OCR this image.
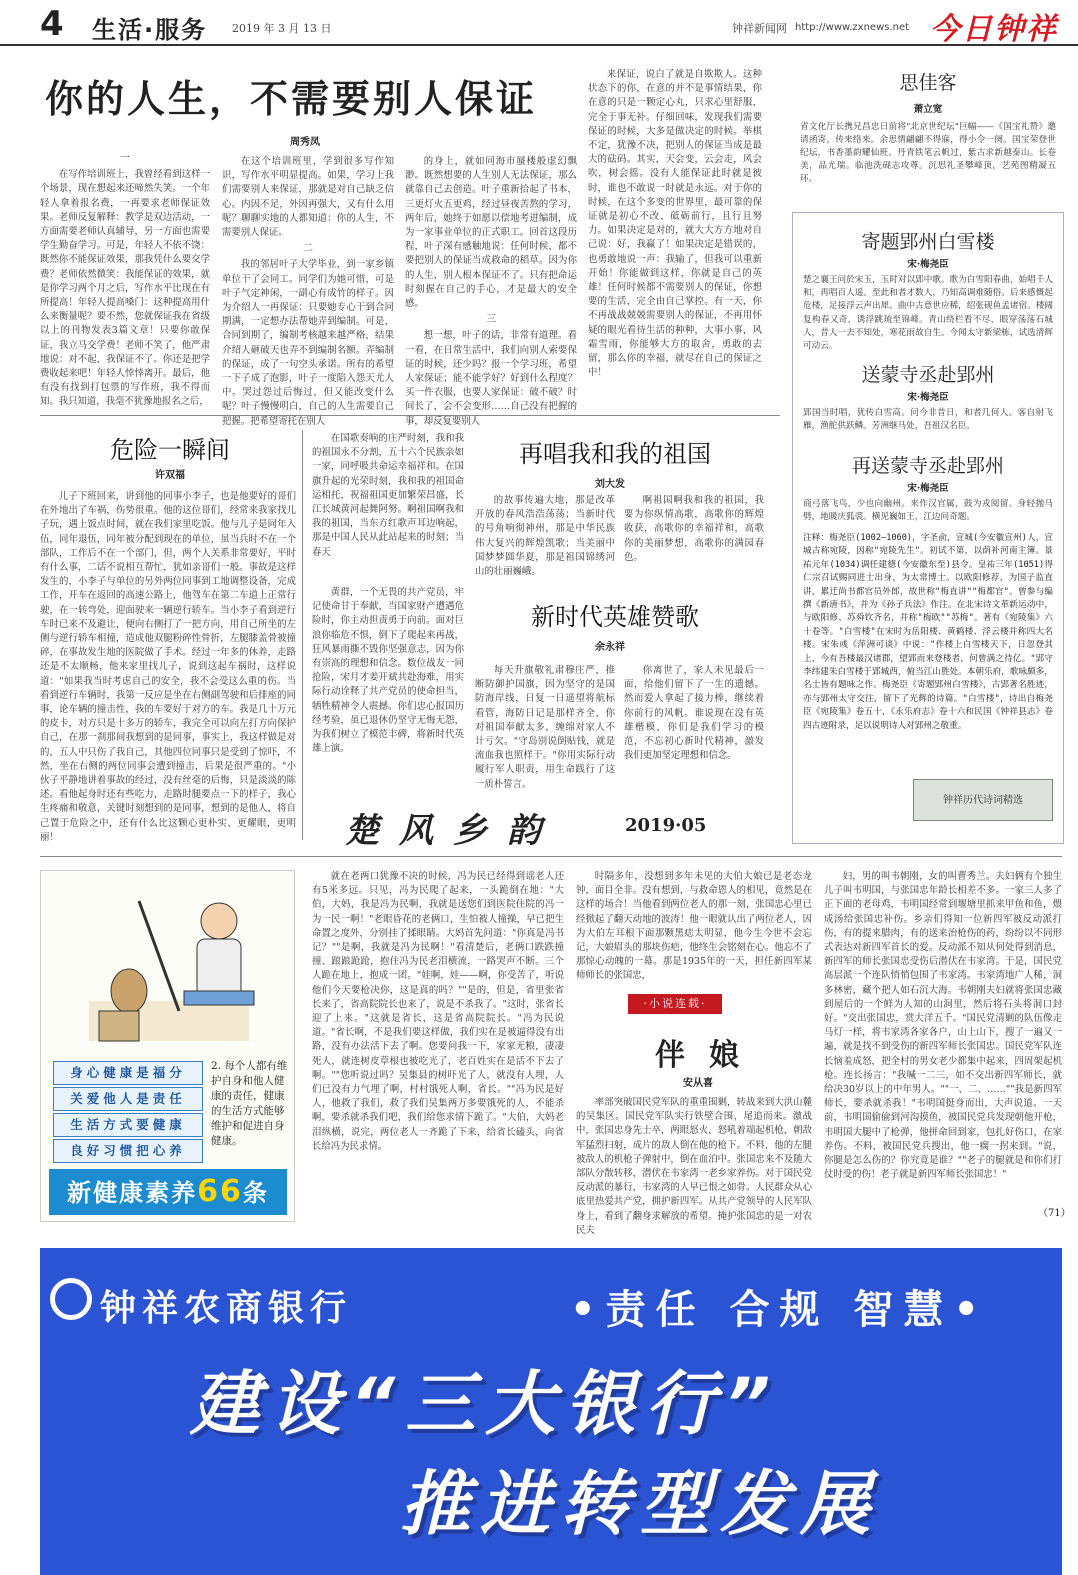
4 生活·服务 2019 年 3 月 13 日	钟祥新闻网 http://www.zxnews.net 今日钟祥
你的人生，不需要别人保证
周秀凤
一

在写作培训班上，我曾经看到这样一个场景，现在想起来还啼然失笑。一个年轻人拿着报名费，一再要求老师保证效果。老师反复解释：教学是双边活动，一方面需要老师认真辅导，另一方面也需要学生勤奋学习。可是，年轻人不依不饶：既然你不能保证效果，那我凭什么要交学费？老师依然微笑：我能保证的效果，就是你学习两个月之后，写作水平比现在有所提高！年轻人提高嗓门：这种提高用什么来衡量呢？要不然，您就保证我在省级以上的刊物发表3篇文章！只要你敢保证，我立马交学费！老师不笑了，他严肃地说：对不起，我保证不了。你还是把学费收起来吧！年轻人悻悻离开。最后，他有没有找到打包票的写作班，我不得而知。我只知道，我毫不犹豫地报名之后，

在这个培训班里，学到很多写作知识，写作水平明显提高。如果，学习上我们需要别人来保证，那就是对自己缺乏信心。内因不足，外因再强大，又有什么用呢？聊聊实地的人都知道：你的人生，不需要别人保证。

二

我的邻居叶子大学毕业，到一家乡镇单位干了会同工。同学们为她可惜，可是叶子气定神闲，一副心有成竹的样子。因为介绍人一再保证：只要她专心干到合同期满，一定想办法帮她弄到编制。可是，合同到期了，编制考核越来越严格，结果介绍人砸破天也弄不到编制名额。弄编制的保证，成了一句空头承诺。所有的希望一下子成了泡影，叶子一度陷入怨天尤人中。哭过怨过后悔过，但又能改变什么呢？叶子慢慢明白，自己的人生需要自己把握。把希望寄托在别人

的身上，就如同海市蜃楼般虚幻飘渺。既然想要的人生别人无法保证，那么就靠自己去创造。叶子重新拾起了书本，三更灯火五更鸡，经过昼夜苦熬的学习，两年后，她终于如愿以偿地考进编制，成为一家事业单位的正式职工。回首这段历程，叶子深有感触地说：任何时候，都不要把别人的保证当成救命的稻草。因为你的人生，别人根本保证不了。只有把命运时刻握在自己的手心，才是最大的安全感。

三

想一想，叶子的话，非常有道理。看一看，在日常生活中，我们向别人索要保证的时候，还少吗？报一个学习班，希望人家保证；能不能学好？好到什么程度？买一件衣服，也要人家保证：破不破？时间长了，会不会变形……自己没有把握的事，却反复要别人

来保证，说白了就是自欺欺人。这种状态下的你，在意的并不是事情结果，你在意的只是一颗定心丸，只求心里舒服，完全于事无补。仔细回味，发现我们需要保证的时候，大多是做决定的时候。举棋不定，犹豫不决，把别人的保证当成是最大的砝码。其实，天会变，云会走，风会吹，树会摇。没有人能保证此时就是彼时，谁也不敢说一时就是永远。对于你的时候，在这个多变的世界里，最可靠的保证就是初心不改、砥砺前行，且行且努力。如果决定是对的，就大大方方地对自己说：好，我赢了！如果决定是错误的，也勇敢地说一声：我输了，但我可以重新开始！你能做到这样，你就是自己的英雄！任何时候都不需要别人的保证，你想要的生活，完全由自己掌控。有一天，你不再战战兢兢需要别人的保证，不再用怀疑的眼光看待生活的种种，大事小事，风霜雪雨，你能够大方的取舍，勇敢的去留，那么你的幸福，就尽在自己的保证之中！

思佳客
萧立宽
省文化厅长携兄昌忠日前将"北京世纪坛"巨幅——《国宝礼赞》邀请函寄，传来络来。余思情翩翩不得寐，得小令一阕。国宝荣登世纪坛，书香墨韵耀仙班。丹青铁笔云帆过，紫古求新越泰山。长卷美，品尤瑞。临池洗砚志攻尊。沉思礼圣攀峰顶，艺苑图精凝五环。
寄题郢州白雪楼
宋·梅尧臣
楚之襄王问於宋玉，玉时对以郢中歌。歌为白雪阳春曲，始唱千人和，再唱百人遥。至此和者才数人，乃知高调难随俗。后来感慨起危楼，足接浮云声出犀。曲中古意世应稀，绍张砚鱼孟诸宿。楼阔复构春又奇，诱浮跳琉至锦峰。青山绕栏看不尽，眼穿荡荡石城人，昔人一去不知处，寒花雨故自生。今闻太守新梁栋，试选清辉可动云。
送蒙寺丞赴郢州
宋·梅尧臣
郢国当时唱，犹传白雪高。问今非昔日，和者几何人。客自射飞雁，渔舵供跃鳞。芳洲继马处，吾祖汉名臣。
再送蒙寺丞赴郢州
宋·梅尧臣
商弓落飞鸟，少也向幽州。来作汉官属，鼓为戎阅留。身轻抛马劈，地暖庆狐裘。横见巍如王，江边问奇题。
注释：梅尧臣(1002—1060)，字圣俞，宣城(今安徽宣州)人，宣城古称宛陵，因称"宛陵先生"。初试不第，以荫补河南主簿。景祐元年(1034)调任建德(今安徽东至)县令。皇祐三年(1051)得仁宗召试赐同进士出身，为太常博士。以欧阳修荐，为国子监直讲，累迁尚书都官员外郎，故世称"梅直讲""梅都官"。曾参与编撰《新唐书》，并为《孙子兵法》作注。在北宋诗文革新运动中，与欧阳修、苏舜钦齐名，并称"梅欧""苏梅"。著有《宛陵集》六十卷等。"白雪楼"在宋时为岳阳楼、黄鹤楼、浮云楼并称四大名楼。宋朱彧《萍洲可谈》中说："作楼上白雪楼天下，日忽登其上，今有吾楼最汉诸郡，望郢而来登楼者，何曾满之待亿。"郢守李纬建朱白雪楼于郢城西，俯当江山胜处。本朝乐府，歌咏颇多，名士皆有题咏之作。梅尧臣《寄题郢州白雪楼》，古郢著名胜迹，亦与郢州太守交往，留下了光辉的诗篇。"白雪楼"，诗出自梅尧臣《宛陵集》卷五十，《永乐府志》卷十六和民国《钟祥县志》卷四古迹附录，足以说明诗人对郢州之敬重。
钟祥历代诗词精选
危险一瞬间
许双福

儿子下班回来，讲到他的同事小李子，也是他要好的哥们在外地出了车祸，伤势很重。他的这位哥们，经常来我家找儿子玩，遇上饭点时间，就在我们家里吃饭。他与儿子是同年入伍，同年退伍，同年被分配到现在的单位，虽当兵时不在一个部队，工作后不在一个部门，但，两个人关系非常要好，平时有什么事，二话不说相互帮忙，犹如亲哥们一般。事故是这样发生的，小李子与单位的另外两位同事到工地调整设备，完成工作，开车在返回的高速公路上，他驾车在第二车道上正常行驶，在一转弯处，迎面驶来一辆逆行轿车。当小李子看到逆行车时已来不及避让，便向右侧打了一把方向，用自己所坐的左侧与逆行轿车相撞，造成他双腿粉碎性骨折，左腿膝盖骨被撞碎，在事故发生地的医院做了手术。经过一年多的休养，走路还是不太顺畅，他来家里找儿子，说到这起车祸时，这样说道："如果我当时考虑自己的安全，我不会受这么重的伤。当看到逆行车辆时，我第一反应是坐在右侧副驾驶和后排座的同事，论车辆的撞击性，我的车要好于对方的车。我是几十万元的皮卡，对方只是十多万的轿车，我完全可以向左打方向保护自己，在那一刹那间我想到的是同事，事实上，我这样做是对的，五人中只伤了我自己，其他四位同事只是受到了惊吓，不然，坐在右侧的两位同事会遭到撞击，后果是很严重的。"小伙子平静地讲着事故的经过，没有丝毫的后悔，只是淡淡的陈述。看他起身时还有些吃力，走路时腿要点一下的样子，我心生疼痛和敬意，关键时刻想到的是同事，想到的是他人，将自己置于危险之中，还有什么比这颗心更朴实、更耀眼，更明丽！

在国歌奏响的庄严时刻，我和我的祖国永不分割，五十六个民族亲如一家，同呼吸共命运幸福祥和。在国旗升起的光荣时刻，我和我的祖国命运相托，祝福祖国更加繁荣昌盛，长江长城黄河起舞阿努。啊祖国啊我和我的祖国，当东方红歌声耳边响起，那是中国人民从此站起来的时刻；当春天

再唱我和我的祖国
刘大发

的故事传遍大地，那是改革开放的春风浩浩荡荡；当新时代的号角响彻神州，那是中华民族伟大复兴的辉煌凯歌；当美丽中国梦梦圆华夏，那是祖国锦绣河山的壮丽巍峨。

啊祖国啊我和我的祖国，我要为你纵情高歌，高歌你的辉煌收获，高歌你的幸福祥和，高歌你的美丽梦想，高歌你的满园春色。

黄群，一个无畏的共产党员，牢记使命甘于奉献，当国家财产遭遇危险时，你主动担责勇于向前。面对巨浪你临危不惧，倒下了爬起来再战，狂风暴雨撕不毁你坚强意志，因为你有崇高的理想和信念。数位战友一同抢险，宋月才姜开斌共赴海难，用实际行动诠释了共产党员的使命担当，牺牲精神令人震撼。你们忠心报国历经考验，虽已退休仍坚守无悔无怨，为我们树立了模范丰碑，将新时代英雄上演。

新时代英雄赞歌
余永祥

每天升旗敬礼肃穆庄严，推断防御护国旗，因为坚守的是国防海岸线，日复一日遥望将航标看管，海防日记是那样齐全，你对祖国奉献太多，缠绵对家人不计亏欠。"守岛别说倒贴钱，就是流血我也照样干。"你用实际行动履行军人职责，用生命践行了这一质朴誓言。

你离世了，家人未见最后一面，给他们留下了一生的遗憾。然而爱人拿起了接力棒，继续着你前行的风帆。谁说现在没有英雄楷模，你们是我们学习的模范，不忘初心新时代精神，激发我们更加坚定理想和信念。

楚风乡韵	2019·05
身心健康是福分
关爱他人是责任
生活方式要健康
良好习惯把心养
2. 每个人都有维护自身和他人健康的责任，健康的生活方式能够维护和促进自身健康。
新健康素养66条

就在老两口犹豫不决的时候，冯为民已经得到谣老人还有5米多远。只见，冯为民爬了起来，一头跪倒在地："大伯，大妈，我是冯为民啊，我就是送您们到医院住院的冯一为一民一啊！"老眼昏花的老俩口，生怕被人撞操，早已把生命置之度外，分别挂了揉眼睛。大妈首先问道："你真是冯书记？""是啊，我就是冯为民啊！"看清楚后，老俩口跌跌撞撞、踉踉跄跄，抱住冯为民老泪横流，一路哭声不断。三个人跪在地上，抱成一团。"娃啊，娃——啊，你受苦了，听说他们今天要枪决你，这是真的吗？""是的，但是，省里张省长来了，省高院院长也来了，说是不杀我了。"这时，张省长迎了上来。"这就是省长，这是省高院院长。"冯为民说道。"省长啊，不是我们要这样做，我们实在是被逼得没有出路，没有办法活下去了啊。您要问我一下，家家无粮，凄凄死人，就连树皮草根也被吃光了，老百姓实在是活不下去了啊。""您听说过吗？吴集县的树吓光了人，就没有人埋，人们已没有力气埋了啊，村村饿死人啊，省长。""冯为民是好人，他救了我们，救了我们吴集两万多要饿死的人，不能杀啊，要杀就杀我们吧，我们给您求情下跪了。"大伯，大妈老泪纵横，说完，两位老人一齐跪了下来，给省长磕头，向省长给冯为民求情。

时隔多年，没想到多年未见的大伯大娘已是老态龙钟，面目全非。没有想到，与救命恩人的相见，竟然是在这样的场合！当他看到两位老人的那一刻，张国忠心里已经掀起了翻天动地的波涛！他一眼就认出了两位老人，因为大伯左耳根下面那颗黑痣太明显，他今生今世不会忘记，大娘眉头的那块伤疤，他终生会铭刻在心。他忘不了那惊心动魄的一幕。那是1935年的一天，担任新四军某师师长的张国忠，

·小说连载·
伴娘
安从喜

率部突破国民党军队的重重围剿，转战来到大洪山麓的吴集区。国民党军队实行铁壁合围，尾追而来。激战中，张国忠身先士卒，两眼怒火，怒吼着端起机枪，朝敌军猛烈扫射，成片的敌人倒在他的枪下。不料，他的左腿被敌人的机枪子弹射中，倒在血泊中。张国忠来不及随大部队分散转移，潜伏在韦家湾一老乡家养伤。对于国民党反动派的暴行，韦家湾的人早已恨之如骨。人民群众从心底里热爱共产党，拥护新四军。从共产党领导的人民军队身上，看到了翻身求解放的希望。掩护张国忠的是一对农民夫

妇，男的叫韦朝刚，女的叫曹秀兰。夫妇俩有个独生儿子叫韦明国，与张国忠年龄长相差不多。一家三人多了正下面的老母鸡，韦明国经常到堰塘里抓来甲鱼和鱼，煨成汤给张国忠补伤。乡亲们得知一位新四军被反动派打伤，有的提来腊肉，有的送来治枪伤的药，纷纷以不同形式表达对新四军首长的爱。反动派不知从何处得到消息，新四军的师长张国忠受伤后潜伏在韦家湾。于是，国民党高层派一个连队悄悄包围了韦家湾。韦家湾地广人稀，洞多林密，藏个把人如石沉大海。韦朝刚夫妇就将张国忠藏到屋后的一个鲜为人知的山洞里，然后将石头将洞口封好。"交出张国忠，赏大洋五千。"国民党清剿的队伍像走马灯一样，将韦家湾各家各户，山上山下，搜了一遍又一遍，就是找不到受伤的新四军师长张国忠。国民党军队连长恼羞成怒，把全村的男女老少都集中起来，四周架起机枪。连长扬言："我喊一二三，如不交出新四军师长，就给决30岁以上的中年男人。""一、二、……""我是新四军师长，要杀就杀我！"韦明国挺身而出，大声说道。一天前，韦明国偷偷到河沟摸鱼，被国民党兵发现朝他开枪，韦明国大腿中了枪弹，他拼命回到家，包扎好伤口，在家养伤。不料，被国民党兵搜出，他一瘸一拐来到。"说，你腿是怎么伤的？你究竟是谁？""老子的腿就是和你们打仗时受的伤！老子就是新四军师长张国忠！"

（71）
钟祥农商银行	•责任 合规 智慧•
建设“三大银行”
推进转型发展
